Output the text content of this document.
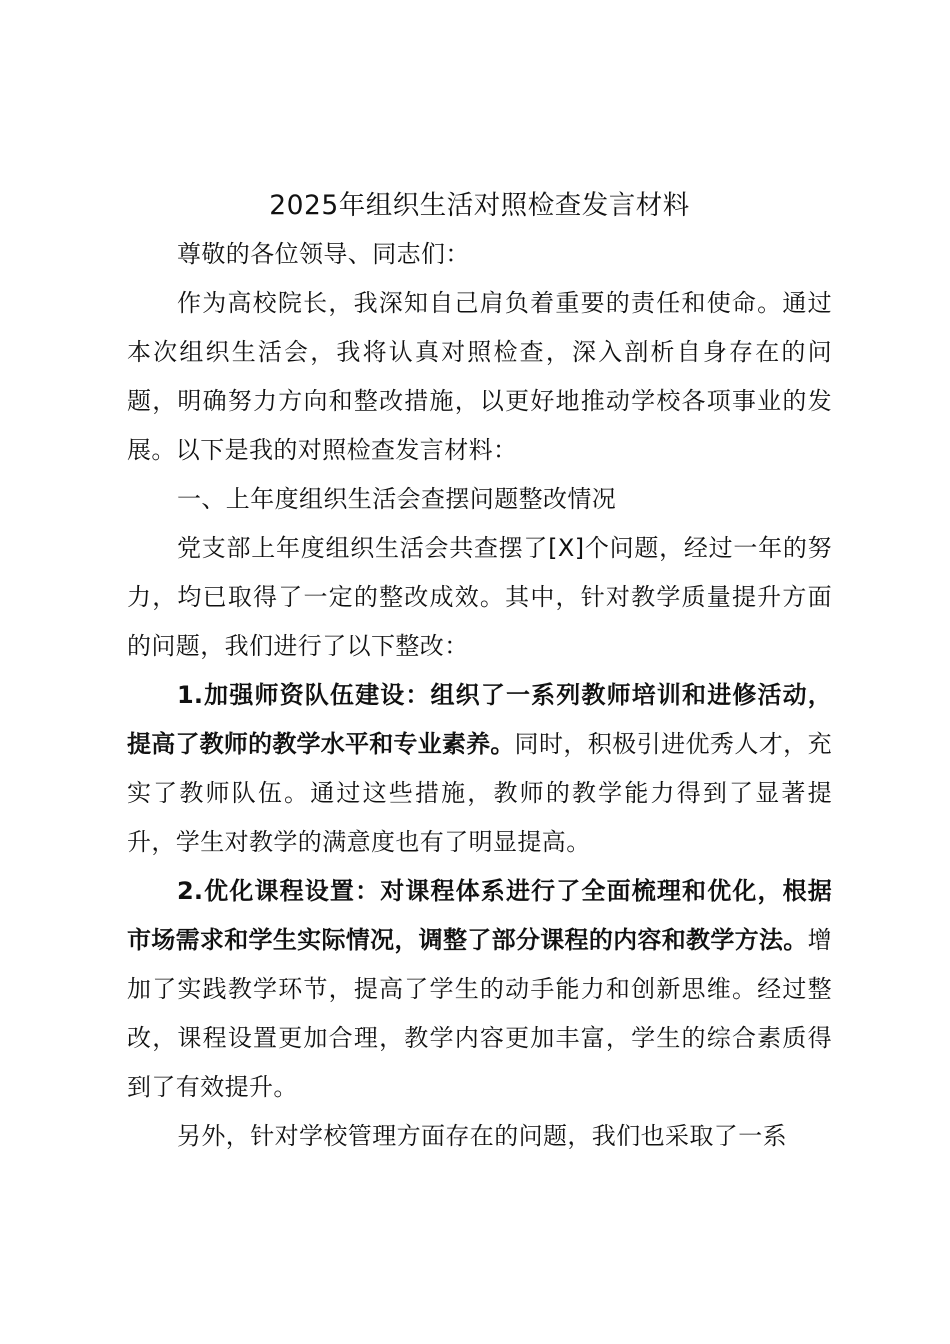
2025年组织生活对照检查发言材料

尊敬的各位领导、同志们：

作为高校院长，我深知自己肩负着重要的责任和使命。通过本次组织生活会，我将认真对照检查，深入剖析自身存在的问题，明确努力方向和整改措施，以更好地推动学校各项事业的发展。以下是我的对照检查发言材料：

一、上年度组织生活会查摆问题整改情况

党支部上年度组织生活会共查摆了[X]个问题，经过一年的努力，均已取得了一定的整改成效。其中，针对教学质量提升方面的问题，我们进行了以下整改：

1.加强师资队伍建设：组织了一系列教师培训和进修活动，提高了教师的教学水平和专业素养。同时，积极引进优秀人才，充实了教师队伍。通过这些措施，教师的教学能力得到了显著提升，学生对教学的满意度也有了明显提高。

2.优化课程设置：对课程体系进行了全面梳理和优化，根据市场需求和学生实际情况，调整了部分课程的内容和教学方法。增加了实践教学环节，提高了学生的动手能力和创新思维。经过整改，课程设置更加合理，教学内容更加丰富，学生的综合素质得到了有效提升。

另外，针对学校管理方面存在的问题，我们也采取了一系
